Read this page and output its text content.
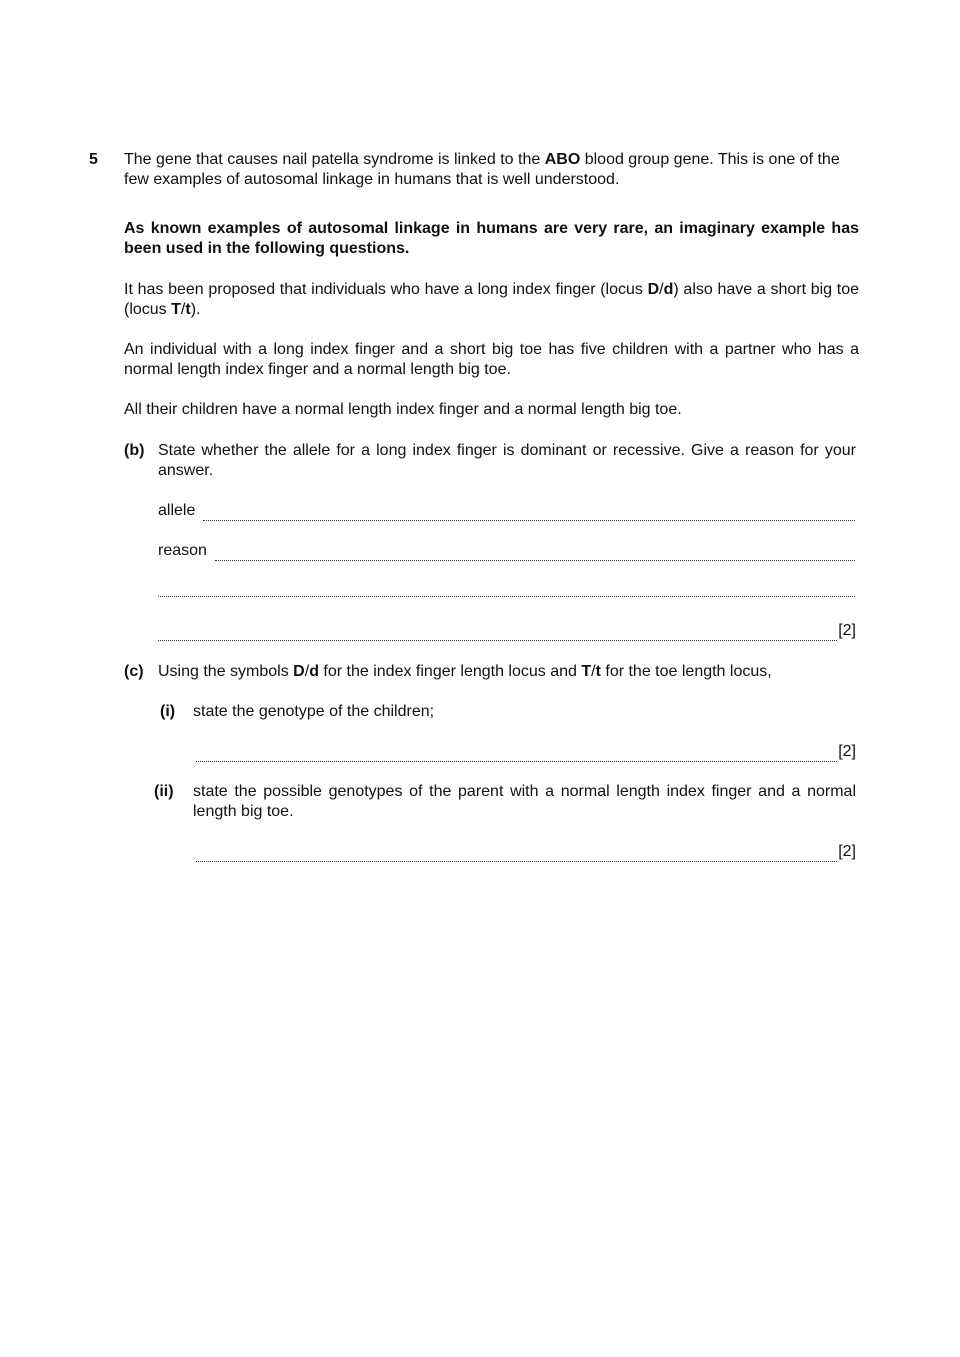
5 The gene that causes nail patella syndrome is linked to the ABO blood group gene. This is one of the few examples of autosomal linkage in humans that is well understood.
As known examples of autosomal linkage in humans are very rare, an imaginary example has been used in the following questions.
It has been proposed that individuals who have a long index finger (locus D/d) also have a short big toe (locus T/t).
An individual with a long index finger and a short big toe has five children with a partner who has a normal length index finger and a normal length big toe.
All their children have a normal length index finger and a normal length big toe.
(b) State whether the allele for a long index finger is dominant or recessive. Give a reason for your answer.
allele
reason
[2]
(c) Using the symbols D/d for the index finger length locus and T/t for the toe length locus,
(i) state the genotype of the children;
[2]
(ii) state the possible genotypes of the parent with a normal length index finger and a normal length big toe.
[2]
